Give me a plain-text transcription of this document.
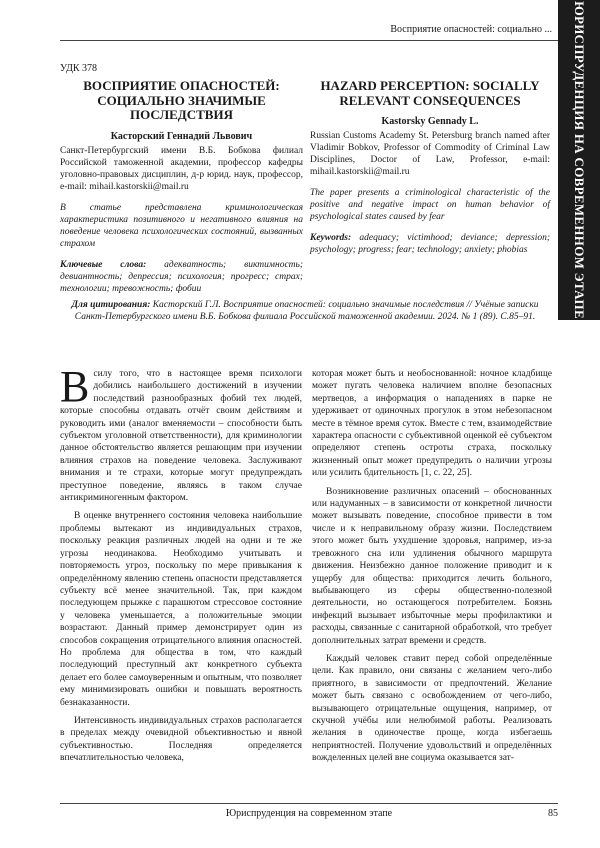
Восприятие опасностей: социально ... ЮРИСПРУДЕНЦИЯ НА СОВРЕМЕННОМ ЭТАПЕ
УДК 378
ВОСПРИЯТИЕ ОПАСНОСТЕЙ: СОЦИАЛЬНО ЗНАЧИМЫЕ ПОСЛЕДСТВИЯ
Касторский Геннадий Львович
Санкт-Петербургский имени В.Б. Бобкова филиал Российской таможенной академии, профессор кафедры уголовно-правовых дисциплин, д-р юрид. наук, профессор, e-mail: mihail.kastorskii@mail.ru
В статье представлена криминологическая характеристика позитивного и негативного влияния на поведение человека психологических состояний, вызванных страхом
Ключевые слова: адекватность; виктимность; девиантность; депрессия; психология; прогресс; страх; технологии; тревожность; фобии
HAZARD PERCEPTION: SOCIALLY RELEVANT CONSEQUENCES
Kastorsky Gennady L.
Russian Customs Academy St. Petersburg branch named after Vladimir Bobkov, Professor of Commodity of Criminal Law Disciplines, Doctor of Law, Professor, e-mail: mihail.kastorskii@mail.ru
The paper presents a criminological characteristic of the positive and negative impact on human behavior of psychological states caused by fear
Keywords: adequacy; victimhood; deviance; depression; psychology; progress; fear; technology; anxiety; phobias
Для цитирования: Касторский Г.Л. Восприятие опасностей: социально значимые последствия // Учёные записки Санкт-Петербургского имени В.Б. Бобкова филиала Российской таможенной академии. 2024. № 1 (89). С.85–91.

Всилу того, что в настоящее время психологи добились наибольшего достижений в изучении последствий разнообразных фобий тех людей, которые способны отдавать отчёт своим действиям и руководить ими (аналог вменяемости – способности быть субъектом уголовной ответственности), для криминологии данное обстоятельство является решающим при изучении влияния страхов на поведение человека. Заслуживают внимания и те страхи, которые могут предупреждать преступное поведение, являясь в таком случае антикриминогенным фактором.

В оценке внутреннего состояния человека наибольшие проблемы вытекают из индивидуальных страхов, поскольку реакция различных людей на одни и те же угрозы неодинакова. Необходимо учитывать и повторяемость угроз, поскольку по мере привыкания к определённому явлению степень опасности представляется субъекту всё менее значительной. Так, при каждом последующем прыжке с парашютом стрессовое состояние у человека уменьшается, а положительные эмоции возрастают. Данный пример демонстрирует один из способов сокращения отрицательного влияния опасностей. Но проблема для общества в том, что каждый последующий преступный акт конкретного субъекта делает его более самоуверенным и опытным, что позволяет ему минимизировать ошибки и повышать вероятность безнаказанности.

Интенсивность индивидуальных страхов располагается в пределах между очевидной объективностью и явной субъективностью. Последняя определяется впечатлительностью человека,

которая может быть и необоснованной: ночное кладбище может пугать человека наличием вполне безопасных мертвецов, а информация о нападениях в парке не удерживает от одиночных прогулок в этом небезопасном месте в тёмное время суток. Вместе с тем, взаимодействие характера опасности с субъективной оценкой её субъектом определяют степень остроты страха, поскольку жизненный опыт может предупредить о наличии угрозы или усилить бдительность [1, с. 22, 25].

Возникновение различных опасений – обоснованных или надуманных – в зависимости от конкретной личности может вызывать поведение, способное привести в том числе и к неправильному образу жизни. Последствием этого может быть ухудшение здоровья, например, из-за тревожного сна или удлинения обычного маршрута движения. Неизбежно данное положение приводит и к ущербу для общества: приходится лечить больного, выбывающего из сферы общественно-полезной деятельности, но остающегося потребителем. Боязнь инфекций вызывает избыточные меры профилактики и расходы, связанные с санитарной обработкой, что требует дополнительных затрат времени и средств.

Каждый человек ставит перед собой определённые цели. Как правило, они связаны с желанием чего-либо приятного, в зависимости от предпочтений. Желание может быть связано с освобождением от чего-либо, вызывающего отрицательные ощущения, например, от скучной учёбы или нелюбимой работы. Реализовать желания в одиночестве проще, когда избегаешь неприятностей. Получение удовольствий и определённых вожделенных целей вне социума оказывается зат-

Юриспруденция на современном этапе	85
